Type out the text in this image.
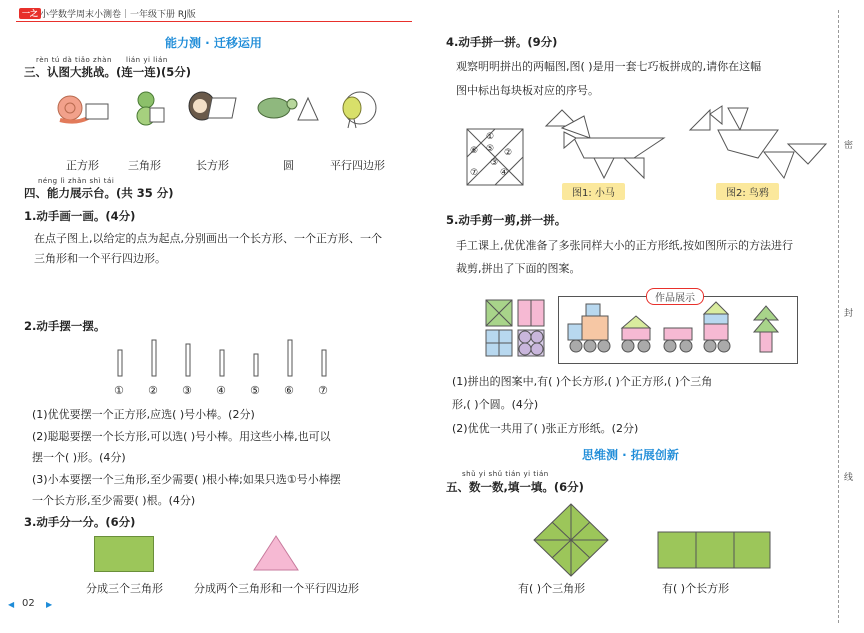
一之 小学数学周末小测卷｜一年级下册 RJ版
能力测 · 迁移运用
rèn tú dà tiǎo zhàn lián yi lián
三、认图大挑战。(连一连)(5分)
正方形	三角形	长方形	圆	平行四边形
néng lì zhǎn shì tái
四、能力展示台。(共 35 分)
1.动手画一画。(4分)
在点子图上,以给定的点为起点,分别画出一个长方形、一个正方形、一个
三角形和一个平行四边形。
2.动手摆一摆。
① ② ③ ④ ⑤ ⑥ ⑦
(1)优优要摆一个正方形,应选( )号小棒。(2分)
(2)聪聪要摆一个长方形,可以选( )号小棒。用这些小棒,也可以
摆一个( )形。(4分)
(3)小本要摆一个三角形,至少需要( )根小棒;如果只选①号小棒摆
一个长方形,至少需要( )根。(4分)
3.动手分一分。(6分)
分成三个三角形	分成两个三角形和一个平行四边形
◀ 02 ▶
4.动手拼一拼。(9分)
观察明明拼出的两幅图,图( )是用一套七巧板拼成的,请你在这幅
图中标出每块板对应的序号。
①
②
③
⑤
⑥
⑦ ④
图1: 小马	图2: 鸟鸦
5.动手剪一剪,拼一拼。
手工课上,优优准备了多张同样大小的正方形纸,按如图所示的方法进行
裁剪,拼出了下面的图案。
作品展示
(1)拼出的图案中,有( )个长方形,( )个正方形,( )个三角
形,( )个圆。(4分)
(2)优优一共用了( )张正方形纸。(2分)
思维测 · 拓展创新
shǔ yi shǔ tián yi tián
五、数一数,填一填。(6分)
有( )个三角形	有( )个长方形
密
封
线
